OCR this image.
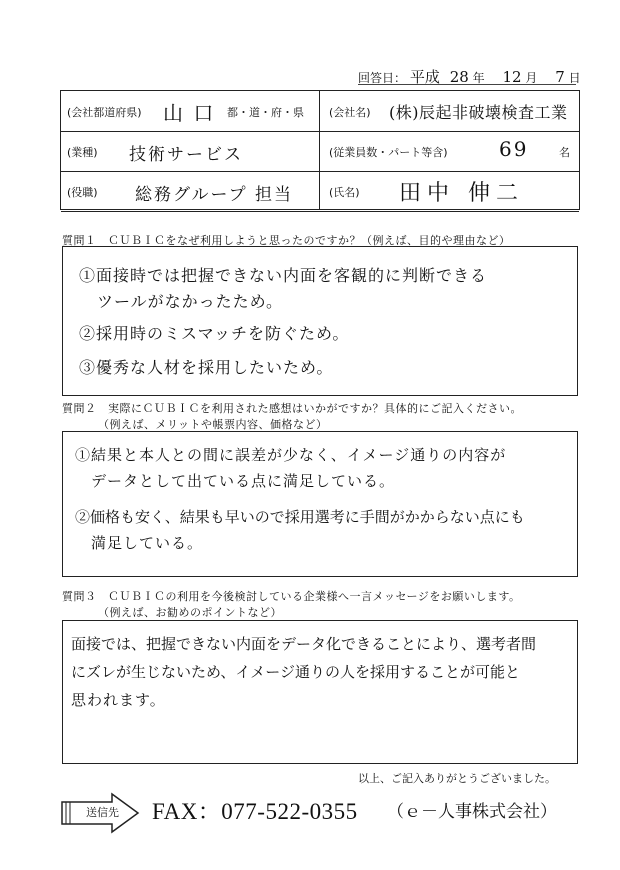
回答日： 平成 28 年 12 月 7 日
(会社都道府県) 山 口 都・道・府・県 (会社名) (株)辰起非破壊検査工業
(業種) 技術サービス	(従業員数・パート等含)	69	名
(役職) 総務グループ 担当	(氏名) 田中 伸二
質問１　ＣＵＢＩＣをなぜ利用しようと思ったのですか？（例えば、目的や理由など）
①面接時では把握できない内面を客観的に判断できる
ツールがなかったため。
②採用時のミスマッチを防ぐため。
③優秀な人材を採用したいため。
質問２　実際にＣＵＢＩＣを利用された感想はいかがですか？具体的にご記入ください。
（例えば、メリットや帳票内容、価格など）
①結果と本人との間に誤差が少なく、イメージ通りの内容が
データとして出ている点に満足している。
②価格も安く、結果も早いので採用選考に手間がかからない点にも
満足している。
質問３　ＣＵＢＩＣの利用を今後検討している企業様へ一言メッセージをお願いします。
（例えば、お勧めのポイントなど）
面接では、把握できない内面をデータ化できることにより、選考者間
にズレが生じないため、イメージ通りの人を採用することが可能と
思われます。
以上、ご記入ありがとうございました。
送信先 FAX：077-522-0355 （ｅ－人事株式会社）
